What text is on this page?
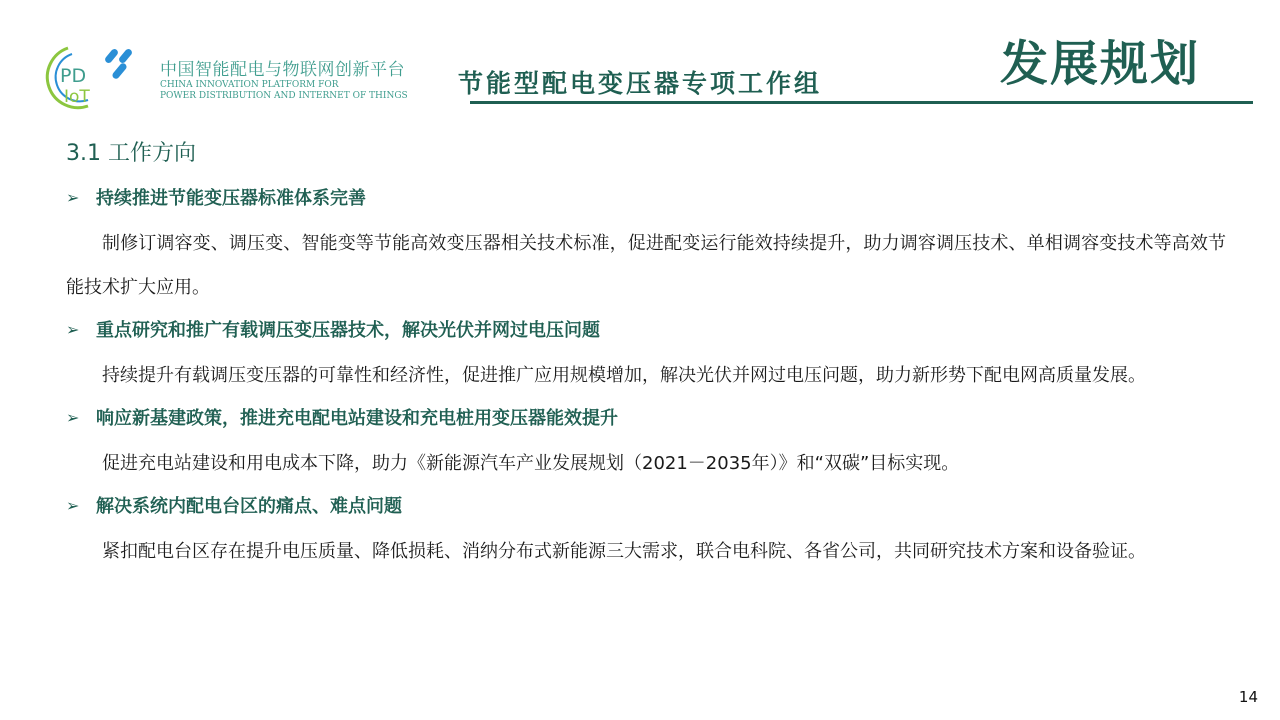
PD
IoT
中国智能配电与物联网创新平台
CHINA INNOVATION PLATFORM FOR
POWER DISTRIBUTION AND INTERNET OF THINGS 节能型配电变压器专项工作组	发展规划
3.1 工作方向
➢ 持续推进节能变压器标准体系完善

制修订调容变、调压变、智能变等节能高效变压器相关技术标准，促进配变运行能效持续提升，助力调容调压技术、单相调容变技术等高效节能技术扩大应用。

➢ 重点研究和推广有载调压变压器技术，解决光伏并网过电压问题

持续提升有载调压变压器的可靠性和经济性，促进推广应用规模增加，解决光伏并网过电压问题，助力新形势下配电网高质量发展。

➢ 响应新基建政策，推进充电配电站建设和充电桩用变压器能效提升

促进充电站建设和用电成本下降，助力《新能源汽车产业发展规划（2021－2035年）》和“双碳”目标实现。

➢ 解决系统内配电台区的痛点、难点问题

紧扣配电台区存在提升电压质量、降低损耗、消纳分布式新能源三大需求，联合电科院、各省公司，共同研究技术方案和设备验证。

14
